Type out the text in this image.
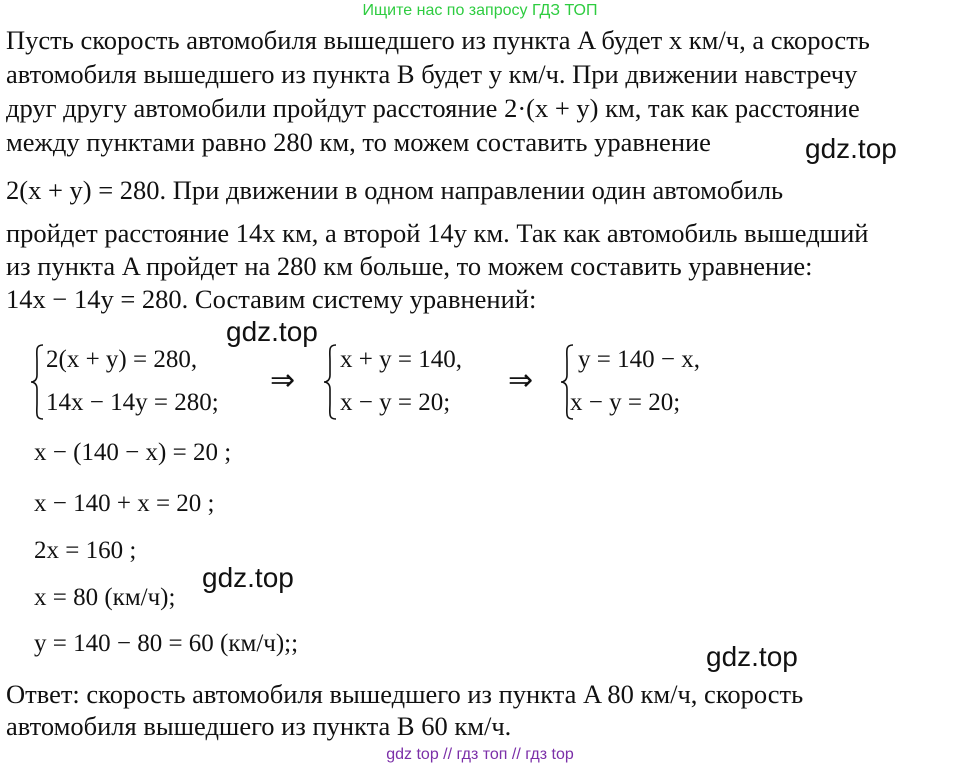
Ищите нас по запросу ГДЗ ТОП
Пусть скорость автомобиля вышедшего из пункта A будет x км/ч, а скорость
автомобиля вышедшего из пункта B будет y км/ч. При движении навстречу
друг другу автомобили пройдут расстояние 2·(x + y) км, так как расстояние
между пунктами равно 280 км, то можем составить уравнение	gdz.top
2(x + y) = 280. При движении в одном направлении один автомобиль
пройдет расстояние 14x км, а второй 14y км. Так как автомобиль вышедший
из пункта A пройдет на 280 км больше, то можем составить уравнение:
14x − 14y = 280. Составим систему уравнений:
gdz.top
2(x + y) = 280,
14x − 14y = 280;
⇒
x + y = 140,
x − y = 20;
⇒
y = 140 − x,
x − y = 20;
x − (140 − x) = 20 ;
x − 140 + x = 20 ;
2x = 160 ;
gdz.top
x = 80 (км/ч);
y = 140 − 80 = 60 (км/ч);;	gdz.top
Ответ: скорость автомобиля вышедшего из пункта A 80 км/ч, скорость
автомобиля вышедшего из пункта B 60 км/ч.
gdz top // гдз топ // гдз top
